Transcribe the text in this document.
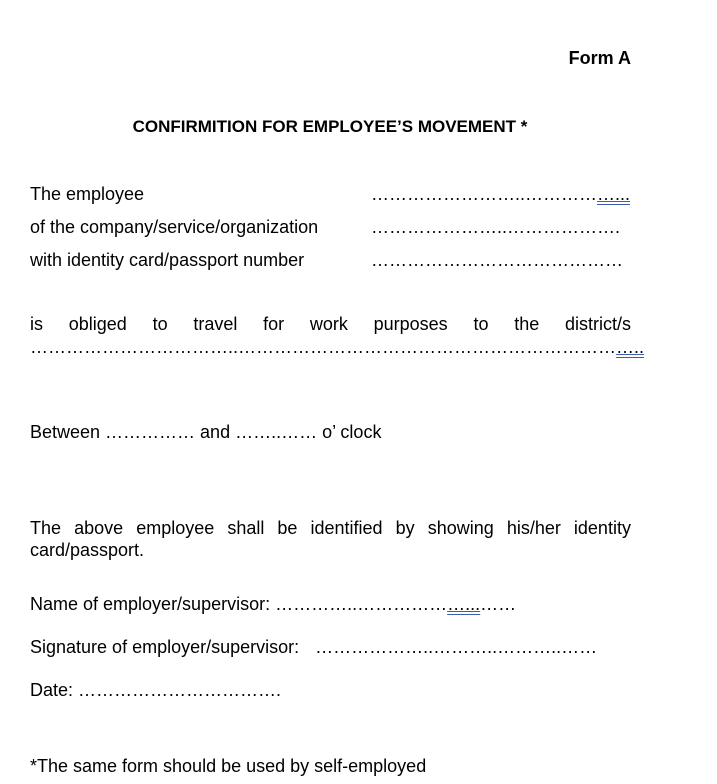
Form A
CONFIRMITION FOR EMPLOYEE’S MOVEMENT *
The employee	……………………..……………...
of the company/service/organization	…………………..……………….
with identity card/passport number	……………………………………
is obliged to travel for work purposes to the district/s
……………………………..…………………………………………………………..
Between …………… and ……..…… o’ clock
The above employee shall be identified by showing his/her identity
card/passport.
Name of employer/supervisor: …………..………………...……
Signature of employer/supervisor: ………………..………..………..……
Date: …………………………….
*The same form should be used by self-employed
